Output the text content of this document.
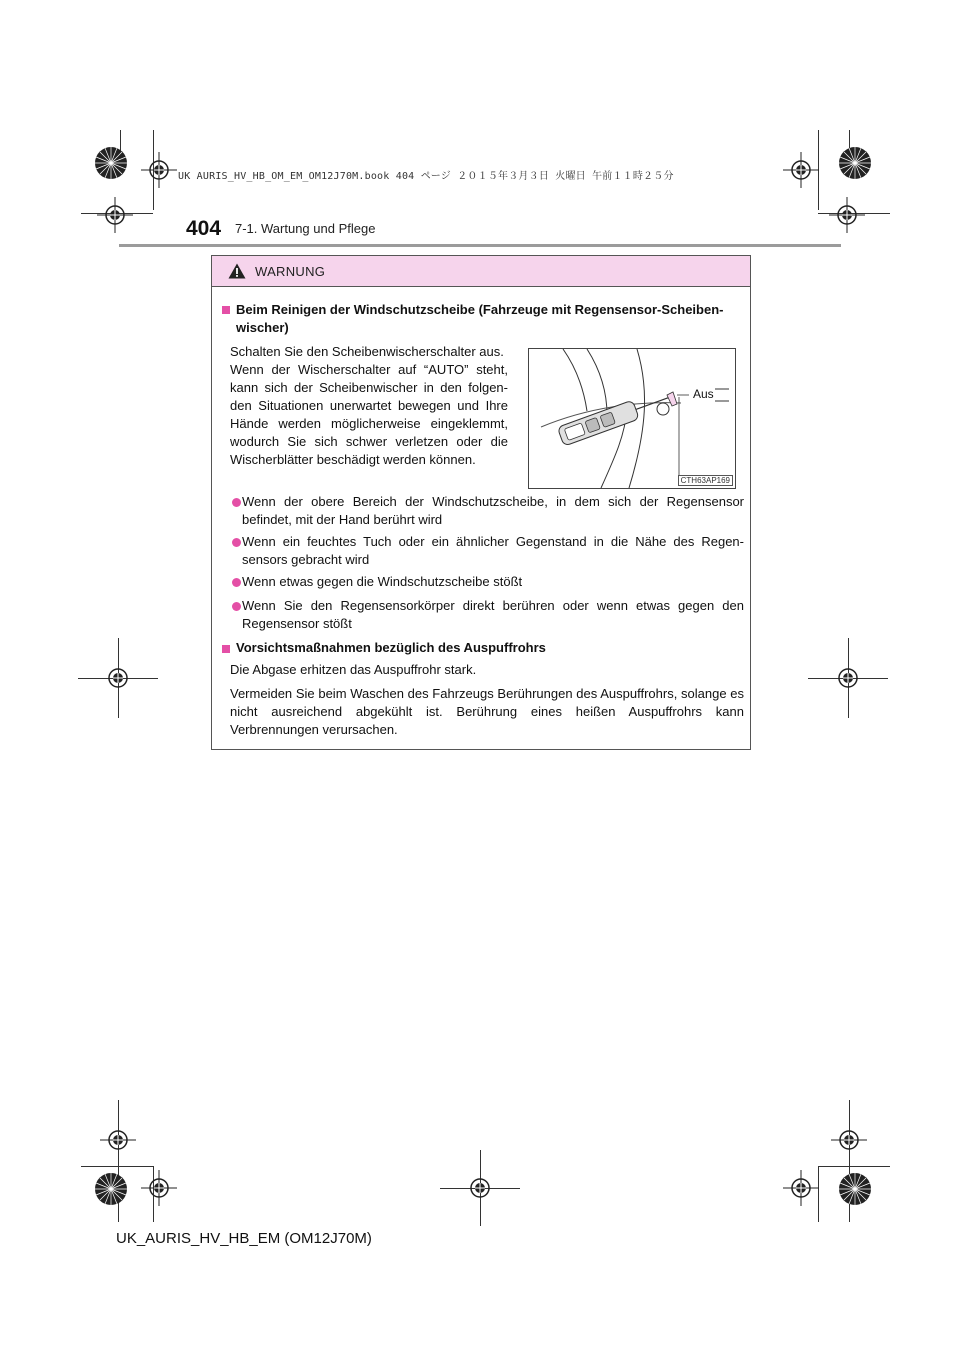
UK AURIS_HV_HB_OM_EM_OM12J70M.book 404 ページ ２０１５年３月３日 火曜日 午前１１時２５分
404 7-1. Wartung und Pflege
WARNUNG
Beim Reinigen der Windschutzscheibe (Fahrzeuge mit Regensensor-Scheiben-wischer)
Schalten Sie den Scheibenwischerschalter aus.
Wenn der Wischerschalter auf “AUTO” steht, kann sich der Scheibenwischer in den folgen-den Situationen unerwartet bewegen und Ihre Hände werden möglicherweise eingeklemmt, wodurch Sie sich schwer verletzen oder die Wischerblätter beschädigt werden können.
Aus
CTH63AP169
Wenn der obere Bereich der Windschutzscheibe, in dem sich der Regensensor befindet, mit der Hand berührt wird
Wenn ein feuchtes Tuch oder ein ähnlicher Gegenstand in die Nähe des Regen-sensors gebracht wird
Wenn etwas gegen die Windschutzscheibe stößt
Wenn Sie den Regensensorkörper direkt berühren oder wenn etwas gegen den Regensensor stößt
Vorsichtsmaßnahmen bezüglich des Auspuffrohrs
Die Abgase erhitzen das Auspuffrohr stark.
Vermeiden Sie beim Waschen des Fahrzeugs Berührungen des Auspuffrohrs, solange es nicht ausreichend abgekühlt ist. Berührung eines heißen Auspuffrohrs kann Verbrennungen verursachen.
UK_AURIS_HV_HB_EM (OM12J70M)
